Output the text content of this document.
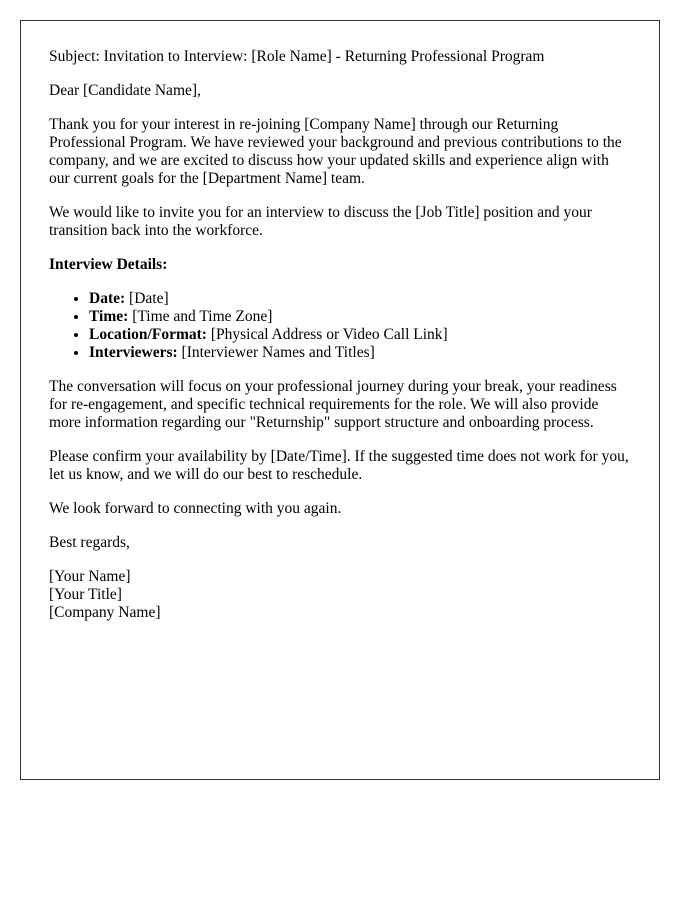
Subject: Invitation to Interview: [Role Name] - Returning Professional Program

Dear [Candidate Name],

Thank you for your interest in re-joining [Company Name] through our Returning Professional Program. We have reviewed your background and previous contributions to the company, and we are excited to discuss how your updated skills and experience align with our current goals for the [Department Name] team.

We would like to invite you for an interview to discuss the [Job Title] position and your transition back into the workforce.

Interview Details:

• Date: [Date]
• Time: [Time and Time Zone]
• Location/Format: [Physical Address or Video Call Link]
• Interviewers: [Interviewer Names and Titles]

The conversation will focus on your professional journey during your break, your readiness for re-engagement, and specific technical requirements for the role. We will also provide more information regarding our "Returnship" support structure and onboarding process.

Please confirm your availability by [Date/Time]. If the suggested time does not work for you, let us know, and we will do our best to reschedule.

We look forward to connecting with you again.

Best regards,

[Your Name]
[Your Title]
[Company Name]
